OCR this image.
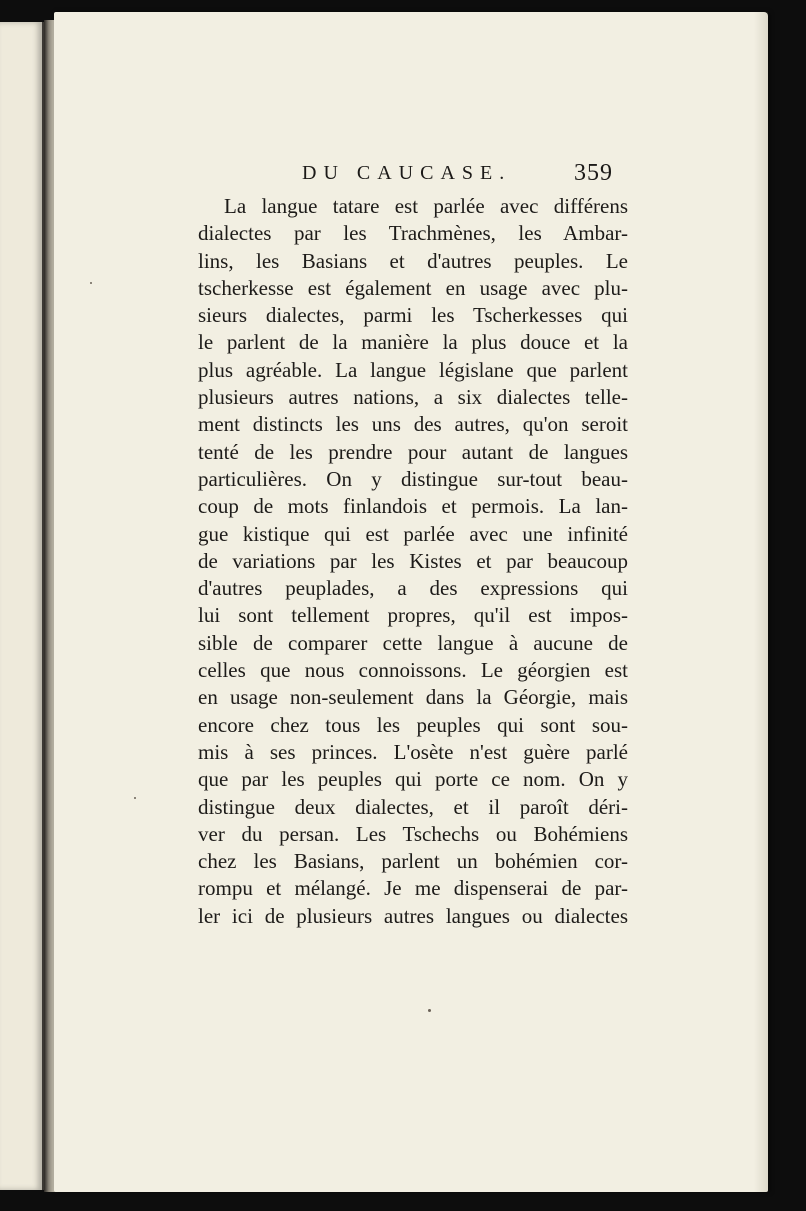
DU CAUCASE.	359
La langue tatare est parlée avec différens
dialectes par les Trachmènes, les Ambar-
lins, les Basians et d'autres peuples. Le
tscherkesse est également en usage avec plu-
sieurs dialectes, parmi les Tscherkesses qui
le parlent de la manière la plus douce et la
plus agréable. La langue législane que parlent
plusieurs autres nations, a six dialectes telle-
ment distincts les uns des autres, qu'on seroit
tenté de les prendre pour autant de langues
particulières. On y distingue sur-tout beau-
coup de mots finlandois et permois. La lan-
gue kistique qui est parlée avec une infinité
de variations par les Kistes et par beaucoup
d'autres peuplades, a des expressions qui
lui sont tellement propres, qu'il est impos-
sible de comparer cette langue à aucune de
celles que nous connoissons. Le géorgien est
en usage non-seulement dans la Géorgie, mais
encore chez tous les peuples qui sont sou-
mis à ses princes. L'osète n'est guère parlé
que par les peuples qui porte ce nom. On y
distingue deux dialectes, et il paroît déri-
ver du persan. Les Tschechs ou Bohémiens
chez les Basians, parlent un bohémien cor-
rompu et mélangé. Je me dispenserai de par-
ler ici de plusieurs autres langues ou dialectes
